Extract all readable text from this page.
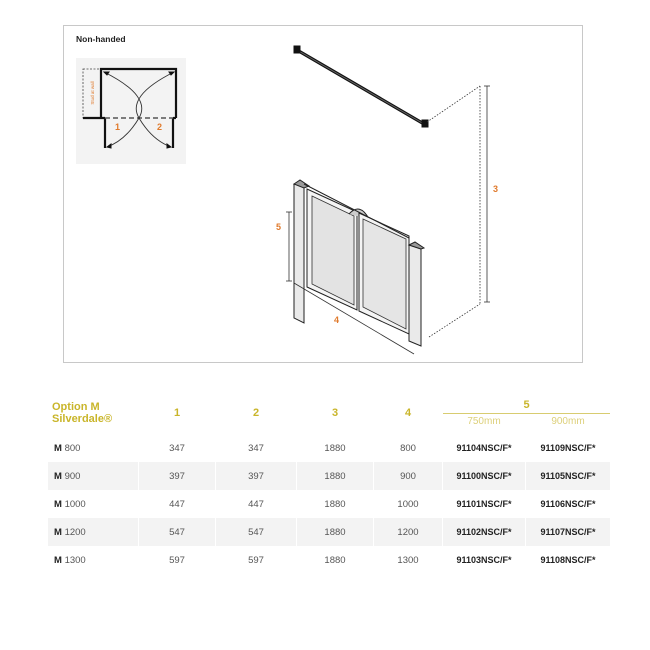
Non-handed
Stud at wall
1	2
3
4
5
Option M
Silverdale®	1	2	3	4	5	
					750mm	900mm

M 800	347	347	1880	800	91104NSC/F*	91109NSC/F*
M 900	397	397	1880	900	91100NSC/F*	91105NSC/F*
M 1000	447	447	1880	1000	91101NSC/F*	91106NSC/F*
M 1200	547	547	1880	1200	91102NSC/F*	91107NSC/F*
M 1300	597	597	1880	1300	91103NSC/F*	91108NSC/F*
